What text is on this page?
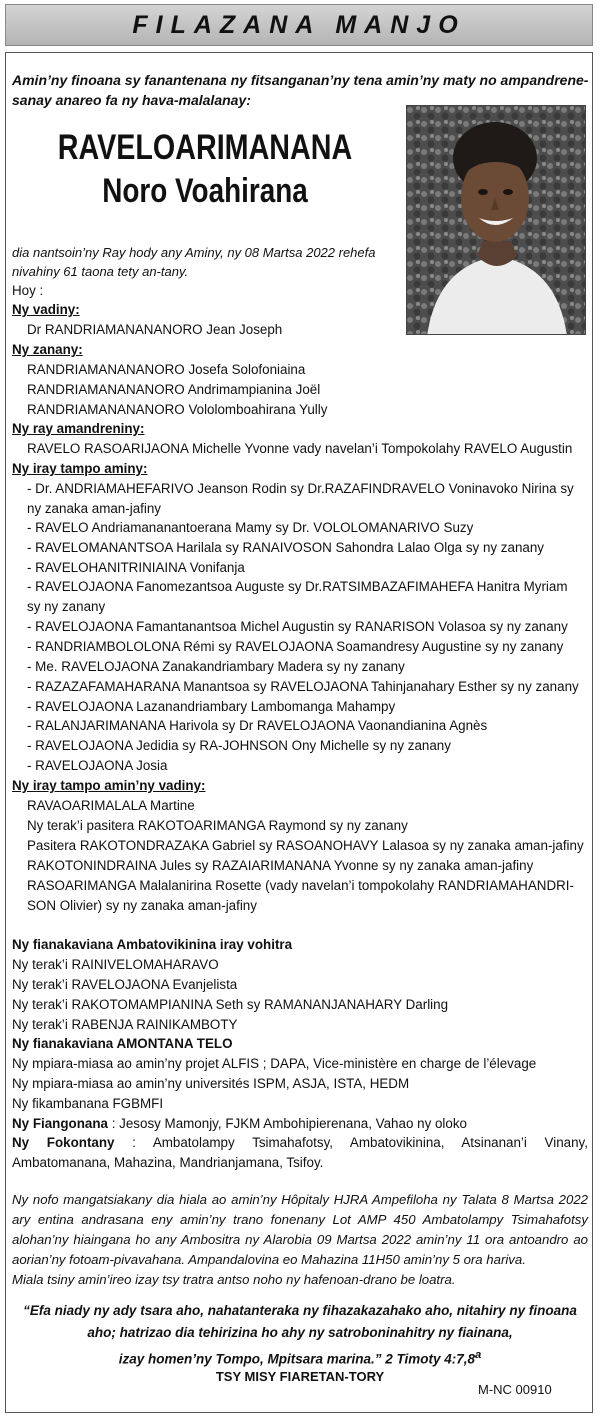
FILAZANA MANJO
Amin’ny finoana sy fanantenana ny fitsanganan’ny tena amin’ny maty no ampandrene-sanay anareo fa ny hava-malalanay:
RAVELOARIMANANA
Noro Voahirana
dia nantsoin’ny Ray hody any Aminy, ny 08 Martsa 2022 rehefa nivahiny 61 taona tety an-tany.
Hoy :
Ny vadiny:
Dr RANDRIAMANANANORO Jean Joseph
Ny zanany:
RANDRIAMANANANORO Josefa Solofoniaina
RANDRIAMANANANORO Andrimampianina Joël
RANDRIAMANANANORO Vololomboahirana Yully
Ny ray amandreniny:
RAVELO RASOARIJAONA Michelle Yvonne vady navelan’i Tompokolahy RAVELO Augustin
Ny iray tampo aminy:
- Dr. ANDRIAMAHEFARIVO Jeanson Rodin sy Dr.RAZAFINDRAVELO Voninavoko Nirina sy
ny zanaka aman-jafiny
- RAVELO Andriamananantoerana Mamy sy Dr. VOLOLOMANARIVO Suzy
- RAVELOMANANTSOA Harilala sy RANAIVOSON Sahondra Lalao Olga sy ny zanany
- RAVELOHANITRINIAINA Vonifanja
- RAVELOJAONA Fanomezantsoa Auguste sy Dr.RATSIMBAZAFIMAHEFA Hanitra Myriam
sy ny zanany
- RAVELOJAONA Famantanantsoa Michel Augustin sy RANARISON Volasoa sy ny zanany
- RANDRIAMBOLOLONA Rémi sy RAVELOJAONA Soamandresy Augustine sy ny zanany
- Me. RAVELOJAONA Zanakandriambary Madera sy ny zanany
- RAZAZAFAMAHARANA Manantsoa sy RAVELOJAONA Tahinjanahary Esther sy ny zanany
- RAVELOJAONA Lazanandriambary Lambomanga Mahampy
- RALANJARIMANANA Harivola sy Dr RAVELOJAONA Vaonandianina Agnès
- RAVELOJAONA Jedidia sy RA-JOHNSON Ony Michelle sy ny zanany
- RAVELOJAONA Josia
Ny iray tampo amin’ny vadiny:
RAVAOARIMALALA Martine
Ny terak’i pasitera RAKOTOARIMANGA Raymond sy ny zanany
Pasitera RAKOTONDRAZAKA Gabriel sy RASOANOHAVY Lalasoa sy ny zanaka aman-jafiny
RAKOTONINDRAINA Jules sy RAZAIARIMANANA Yvonne sy ny zanaka aman-jafiny
RASOARIMANGA Malalanirina Rosette (vady navelan’i tompokolahy RANDRIAMAHANDRI-
SON Olivier) sy ny zanaka aman-jafiny
Ny fianakaviana Ambatovikinina iray vohitra
Ny terak’i RAINIVELOMAHARAVO
Ny terak’i RAVELOJAONA Evanjelista
Ny terak’i RAKOTOMAMPIANINA Seth sy RAMANANJANAHARY Darling
Ny terak’i RABENJA RAINIKAMBOTY
Ny fianakaviana AMONTANA TELO
Ny mpiara-miasa ao amin’ny projet ALFIS ; DAPA, Vice-ministère en charge de l’élevage
Ny mpiara-miasa ao amin’ny universités ISPM, ASJA, ISTA, HEDM
Ny fikambanana FGBMFI
Ny Fiangonana : Jesosy Mamonjy, FJKM Ambohipierenana, Vahao ny oloko
Ny Fokontany : Ambatolampy Tsimahafotsy, Ambatovikinina, Atsinanan’i Vinany, Ambatomanana, Mahazina, Mandrianjamana, Tsifoy.
Ny nofo mangatsiakany dia hiala ao amin’ny Hôpitaly HJRA Ampefiloha ny Talata 8 Martsa 2022 ary entina andrasana eny amin’ny trano fonenany Lot AMP 450 Ambatolampy Tsimahafotsy alohan’ny hiaingana ho any Ambositra ny Alarobia 09 Martsa 2022 amin’ny 11 ora antoandro ao aorian’ny fotoam-pivavahana. Ampandalovina eo Mahazina 11H50 amin’ny 5 ora hariva.
Miala tsiny amin’ireo izay tsy tratra antso noho ny hafenoan-drano be loatra.
“Efa niady ny ady tsara aho, nahatanteraka ny fihazakazahako aho, nitahiry ny finoana
aho; hatrizao dia tehirizina ho ahy ny satroboninahitry ny fiainana,
izay homen’ny Tompo, Mpitsara marina.” 2 Timoty 4:7,8$^a$
TSY MISY FIARETAN-TORY
M-NC 00910
